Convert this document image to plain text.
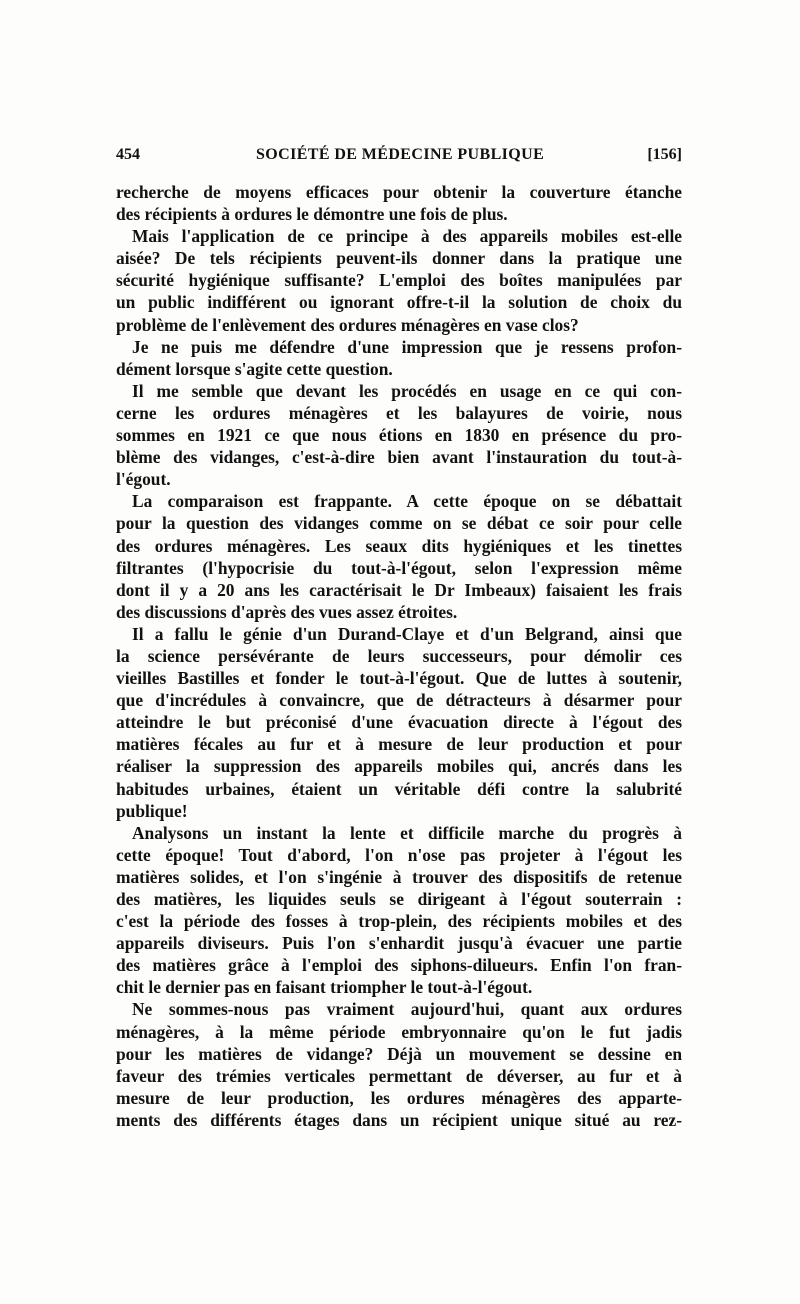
454	SOCIÉTÉ DE MÉDECINE PUBLIQUE	[156]
recherche de moyens efficaces pour obtenir la couverture étanche
des récipients à ordures le démontre une fois de plus.
Mais l'application de ce principe à des appareils mobiles est-elle
aisée? De tels récipients peuvent-ils donner dans la pratique une
sécurité hygiénique suffisante? L'emploi des boîtes manipulées par
un public indifférent ou ignorant offre-t-il la solution de choix du
problème de l'enlèvement des ordures ménagères en vase clos?
Je ne puis me défendre d'une impression que je ressens profon-
dément lorsque s'agite cette question.
Il me semble que devant les procédés en usage en ce qui con-
cerne les ordures ménagères et les balayures de voirie, nous
sommes en 1921 ce que nous étions en 1830 en présence du pro-
blème des vidanges, c'est-à-dire bien avant l'instauration du tout-à-
l'égout.
La comparaison est frappante. A cette époque on se débattait
pour la question des vidanges comme on se débat ce soir pour celle
des ordures ménagères. Les seaux dits hygiéniques et les tinettes
filtrantes (l'hypocrisie du tout-à-l'égout, selon l'expression même
dont il y a 20 ans les caractérisait le Dr Imbeaux) faisaient les frais
des discussions d'après des vues assez étroites.
Il a fallu le génie d'un Durand-Claye et d'un Belgrand, ainsi que
la science persévérante de leurs successeurs, pour démolir ces
vieilles Bastilles et fonder le tout-à-l'égout. Que de luttes à soutenir,
que d'incrédules à convaincre, que de détracteurs à désarmer pour
atteindre le but préconisé d'une évacuation directe à l'égout des
matières fécales au fur et à mesure de leur production et pour
réaliser la suppression des appareils mobiles qui, ancrés dans les
habitudes urbaines, étaient un véritable défi contre la salubrité
publique!
Analysons un instant la lente et difficile marche du progrès à
cette époque! Tout d'abord, l'on n'ose pas projeter à l'égout les
matières solides, et l'on s'ingénie à trouver des dispositifs de retenue
des matières, les liquides seuls se dirigeant à l'égout souterrain :
c'est la période des fosses à trop-plein, des récipients mobiles et des
appareils diviseurs. Puis l'on s'enhardit jusqu'à évacuer une partie
des matières grâce à l'emploi des siphons-dilueurs. Enfin l'on fran-
chit le dernier pas en faisant triompher le tout-à-l'égout.
Ne sommes-nous pas vraiment aujourd'hui, quant aux ordures
ménagères, à la même période embryonnaire qu'on le fut jadis
pour les matières de vidange? Déjà un mouvement se dessine en
faveur des trémies verticales permettant de déverser, au fur et à
mesure de leur production, les ordures ménagères des apparte-
ments des différents étages dans un récipient unique situé au rez-
